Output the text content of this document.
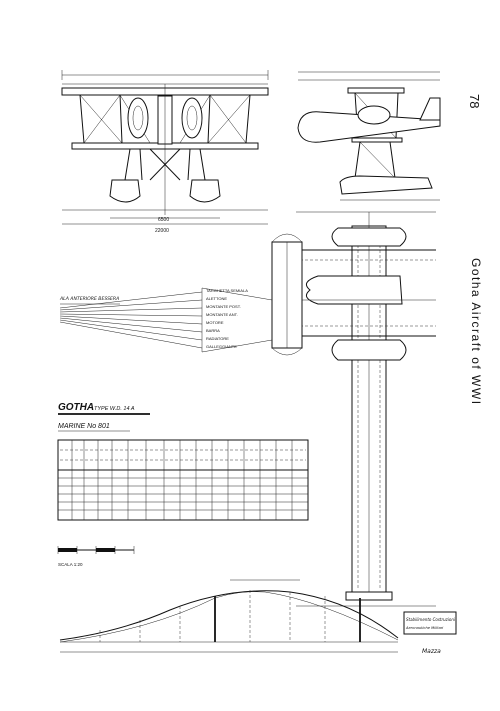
78
Gotha Aircraft of WWI
6500
22000
ALA ANTERIORE BESSERA
TARGHETTA SEMIALA
ALETTONE
MONTANTE POST.
MONTANTE ANT.
MOTORE
BARRA
RADIATORE
GALLEGGIANTE
GOTHA TYPE W.D. 14 A
MARINE No 801
SCALA 1:20
Stabilimento Costruzioni
Aeronautiche Militari
Mazza
